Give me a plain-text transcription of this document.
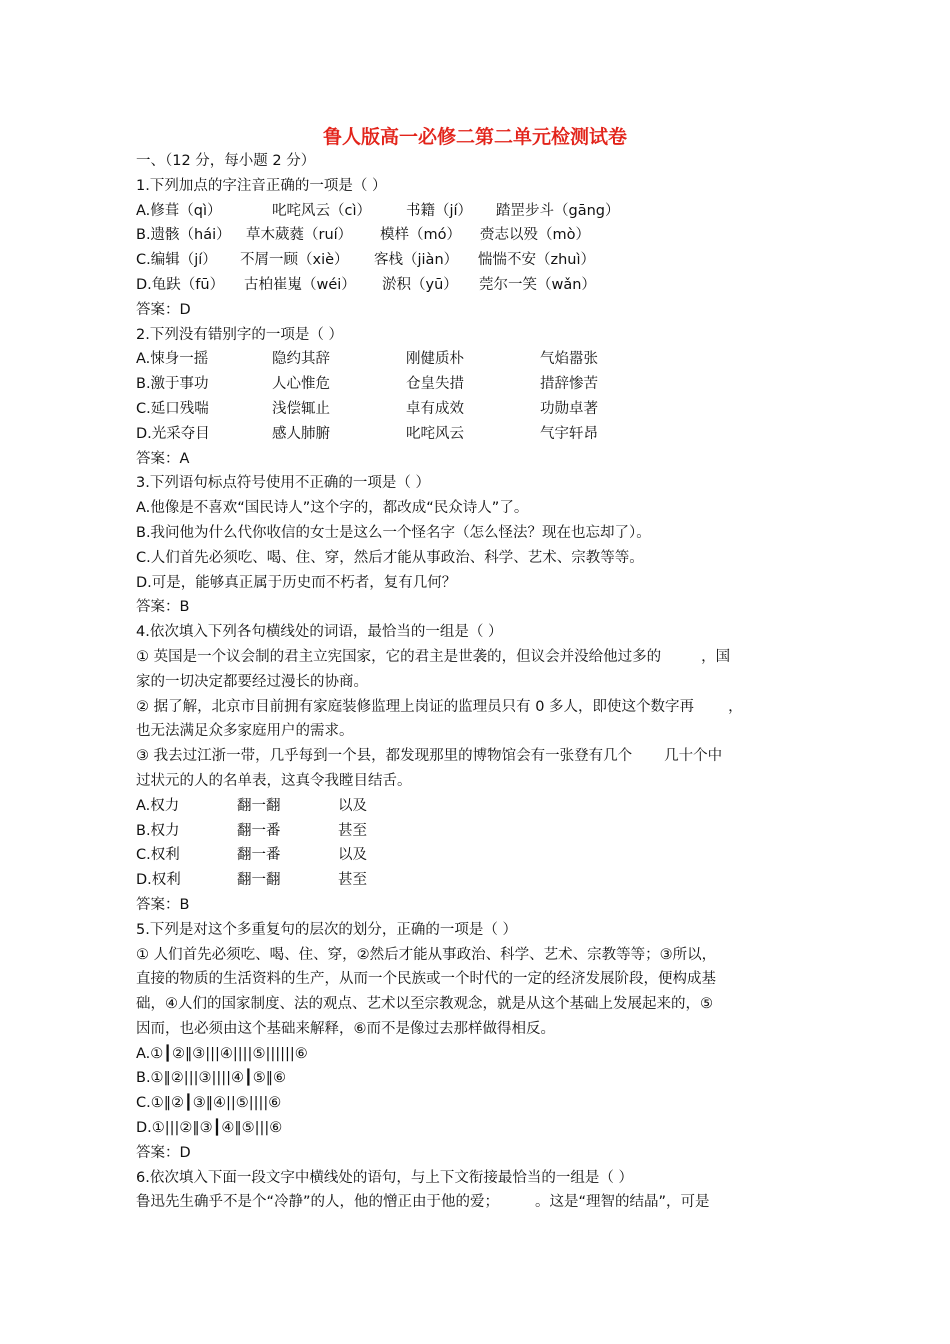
鲁人版高一必修二第二单元检测试卷
一、（12 分，每小题 2 分）
1.下列加点的字注音正确的一项是（ ）
A.修葺（qì）	叱咤风云（cì） 书籍（jí） 踏罡步斗（gāng）
B.遗骸（hái） 草木葳蕤（ruí） 模样（mó） 赍志以殁（mò）
C.编辑（jí） 不屑一顾（xiè） 客栈（jiàn） 惴惴不安（zhuì）
D.龟趺（fū） 古柏崔嵬（wéi） 淤积（yū） 莞尔一笑（wǎn）
答案：D
2.下列没有错别字的一项是（ ）
A.悚身一摇	隐约其辞	刚健质朴	气焰嚣张
B.激于事功	人心惟危	仓皇失措	措辞惨苦
C.延口残喘	浅偿辄止	卓有成效	功勋卓著
D.光采夺目	感人肺腑	叱咤风云	气宇轩昂
答案：A
3.下列语句标点符号使用不正确的一项是（ ）
A.他像是不喜欢“国民诗人”这个字的，都改成“民众诗人”了。
B.我问他为什么代你收信的女士是这么一个怪名字（怎么怪法？现在也忘却了）。
C.人们首先必须吃、喝、住、穿，然后才能从事政治、科学、艺术、宗教等等。
D.可是，能够真正属于历史而不朽者，复有几何？
答案：B
4.依次填入下列各句横线处的词语，最恰当的一组是（ ）
① 英国是一个议会制的君主立宪国家，它的君主是世袭的，但议会并没给他过多的	，国
家的一切决定都要经过漫长的协商。
② 据了解，北京市目前拥有家庭装修监理上岗证的监理员只有 0 多人，即使这个数字再 ，
也无法满足众多家庭用户的需求。
③ 我去过江浙一带，几乎每到一个县，都发现那里的博物馆会有一张登有几个 几十个中
过状元的人的名单表，这真令我瞠目结舌。
A.权力	翻一翻	以及
B.权力	翻一番	甚至
C.权利	翻一番	以及
D.权利	翻一翻	甚至
答案：B
5.下列是对这个多重复句的层次的划分，正确的一项是（ ）
① 人们首先必须吃、喝、住、穿，②然后才能从事政治、科学、艺术、宗教等等；③所以，
直接的物质的生活资料的生产，从而一个民族或一个时代的一定的经济发展阶段，便构成基
础，④人们的国家制度、法的观点、艺术以至宗教观念，就是从这个基础上发展起来的，⑤
因而，也必须由这个基础来解释，⑥而不是像过去那样做得相反。
A.①┃②‖③|||④||||⑤||||||⑥
B.①‖②|||③||||④┃⑤‖⑥
C.①‖②┃③‖④||⑤||||⑥
D.①|||②‖③┃④‖⑤|||⑥
答案：D
6.依次填入下面一段文字中横线处的语句，与上下文衔接最恰当的一组是（ ）
鲁迅先生确乎不是个“冷静”的人，他的憎正由于他的爱； 。这是“理智的结晶”，可是
